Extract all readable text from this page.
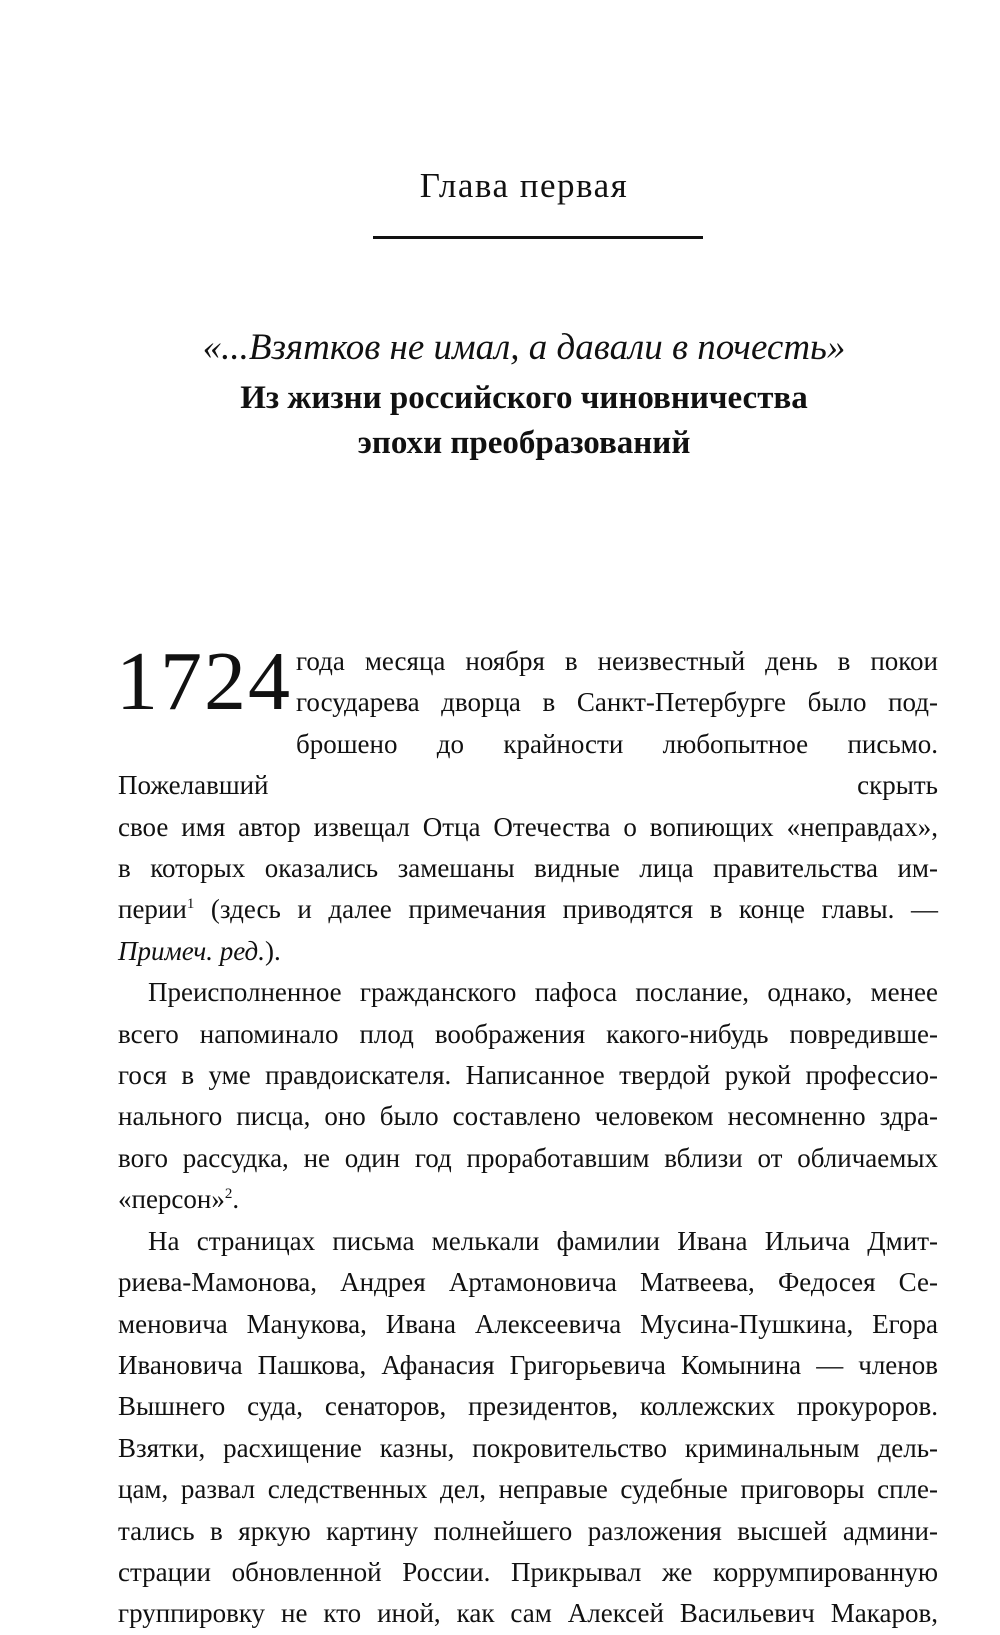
Глава первая
«...Взятков не имал, а давали в почесть»
Из жизни российского чиновничества
эпохи преобразований
1724 года месяца ноября в неизвестный день в покои
государева дворца в Санкт-Петербурге было под-
брошено до крайности любопытное письмо. Пожелавший скрыть
свое имя автор извещал Отца Отечества о вопиющих «неправдах»,
в которых оказались замешаны видные лица правительства им-
перии$^1$ (здесь и далее примечания приводятся в конце главы. —
Примеч. ред.).
Преисполненное гражданского пафоса послание, однако, менее
всего напоминало плод воображения какого-нибудь повредивше-
гося в уме правдоискателя. Написанное твердой рукой профессио-
нального писца, оно было составлено человеком несомненно здра-
вого рассудка, не один год проработавшим вблизи от обличаемых
«персон»$^2$.
На страницах письма мелькали фамилии Ивана Ильича Дмит-
риева-Мамонова, Андрея Артамоновича Матвеева, Федосея Се-
меновича Манукова, Ивана Алексеевича Мусина-Пушкина, Егора
Ивановича Пашкова, Афанасия Григорьевича Комынина — членов
Вышнего суда, сенаторов, президентов, коллежских прокуроров.
Взятки, расхищение казны, покровительство криминальным дель-
цам, развал следственных дел, неправые судебные приговоры спле-
тались в яркую картину полнейшего разложения высшей админи-
страции обновленной России. Прикрывал же коррумпированную
группировку не кто иной, как сам Алексей Васильевич Макаров,
